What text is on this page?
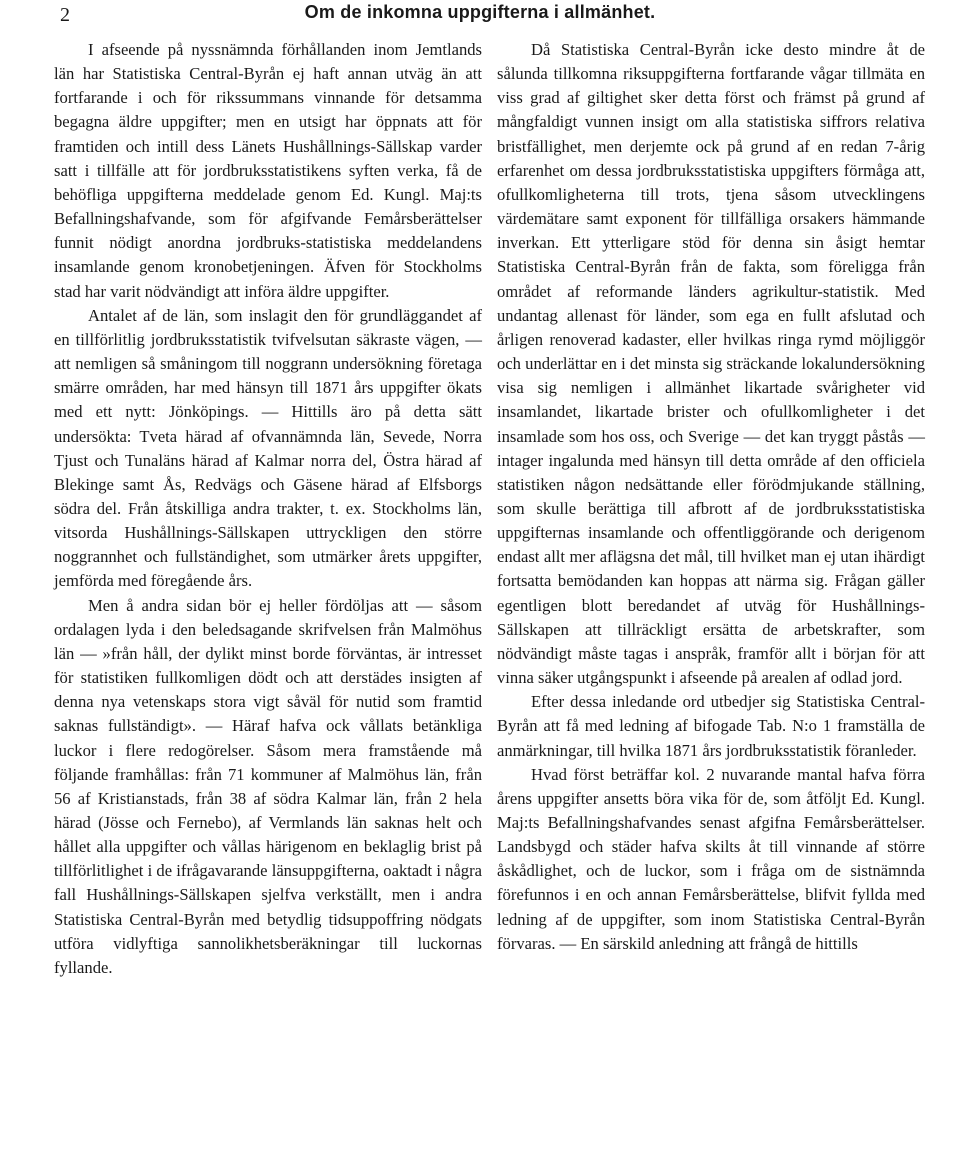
2	Om de inkomna uppgifterna i allmänhet.

I afseende på nyssnämnda förhållanden inom Jemtlands län har Statistiska Central-Byrån ej haft annan utväg än att fortfarande i och för rikssummans vinnande för detsamma begagna äldre uppgifter; men en utsigt har öppnats att för framtiden och intill dess Länets Hushållnings-Sällskap varder satt i tillfälle att för jordbruksstatistikens syften verka, få de behöfliga uppgifterna meddelade genom Ed. Kungl. Maj:ts Befallningshafvande, som för afgifvande Femårsberättelser funnit nödigt anordna jordbruks-statistiska meddelandens insamlande genom kronobetjeningen. Äfven för Stockholms stad har varit nödvändigt att införa äldre uppgifter.

Antalet af de län, som inslagit den för grundläggandet af en tillförlitlig jordbruksstatistik tvifvelsutan säkraste vägen, — att nemligen så småningom till noggrann undersökning företaga smärre områden, har med hänsyn till 1871 års uppgifter ökats med ett nytt: Jönköpings. — Hittills äro på detta sätt undersökta: Tveta härad af ofvannämnda län, Sevede, Norra Tjust och Tunaläns härad af Kalmar norra del, Östra härad af Blekinge samt Ås, Redvägs och Gäsene härad af Elfsborgs södra del. Från åtskilliga andra trakter, t. ex. Stockholms län, vitsorda Hushållnings-Sällskapen uttryckligen den större noggrannhet och fullständighet, som utmärker årets uppgifter, jemförda med föregående års.

Men å andra sidan bör ej heller fördöljas att — såsom ordalagen lyda i den beledsagande skrifvelsen från Malmöhus län — »från håll, der dylikt minst borde förväntas, är intresset för statistiken fullkomligen dödt och att derstädes insigten af denna nya vetenskaps stora vigt såväl för nutid som framtid saknas fullständigt». — Häraf hafva ock vållats betänkliga luckor i flere redogörelser. Såsom mera framstående må följande framhållas: från 71 kommuner af Malmöhus län, från 56 af Kristianstads, från 38 af södra Kalmar län, från 2 hela härad (Jösse och Fernebo), af Vermlands län saknas helt och hållet alla uppgifter och vållas härigenom en beklaglig brist på tillförlitlighet i de ifrågavarande länsuppgifterna, oaktadt i några fall Hushållnings-Sällskapen sjelfva verkställt, men i andra Statistiska Central-Byrån med betydlig tidsuppoffring nödgats utföra vidlyftiga sannolikhetsberäkningar till luckornas fyllande.

Då Statistiska Central-Byrån icke desto mindre åt de sålunda tillkomna riksuppgifterna fortfarande vågar tillmäta en viss grad af giltighet sker detta först och främst på grund af mångfaldigt vunnen insigt om alla statistiska siffrors relativa bristfällighet, men derjemte ock på grund af en redan 7-årig erfarenhet om dessa jordbruksstatistiska uppgifters förmåga att, ofullkomligheterna till trots, tjena såsom utvecklingens värdemätare samt exponent för tillfälliga orsakers hämmande inverkan. Ett ytterligare stöd för denna sin åsigt hemtar Statistiska Central-Byrån från de fakta, som föreligga från området af reformande länders agrikultur-statistik. Med undantag allenast för länder, som ega en fullt afslutad och årligen renoverad kadaster, eller hvilkas ringa rymd möjliggör och underlättar en i det minsta sig sträckande lokalundersökning visa sig nemligen i allmänhet likartade svårigheter vid insamlandet, likartade brister och ofullkomligheter i det insamlade som hos oss, och Sverige — det kan tryggt påstås — intager ingalunda med hänsyn till detta område af den officiela statistiken någon nedsättande eller förödmjukande ställning, som skulle berättiga till afbrott af de jordbruksstatistiska uppgifternas insamlande och offentliggörande och derigenom endast allt mer aflägsna det mål, till hvilket man ej utan ihärdigt fortsatta bemödanden kan hoppas att närma sig. Frågan gäller egentligen blott beredandet af utväg för Hushållnings-Sällskapen att tillräckligt ersätta de arbetskrafter, som nödvändigt måste tagas i anspråk, framför allt i början för att vinna säker utgångspunkt i afseende på arealen af odlad jord.

Efter dessa inledande ord utbedjer sig Statistiska Central-Byrån att få med ledning af bifogade Tab. N:o 1 framställa de anmärkningar, till hvilka 1871 års jordbruksstatistik föranleder.

Hvad först beträffar kol. 2 nuvarande mantal hafva förra årens uppgifter ansetts böra vika för de, som åtföljt Ed. Kungl. Maj:ts Befallningshafvandes senast afgifna Femårsberättelser. Landsbygd och städer hafva skilts åt till vinnande af större åskådlighet, och de luckor, som i fråga om de sistnämnda förefunnos i en och annan Femårsberättelse, blifvit fyllda med ledning af de uppgifter, som inom Statistiska Central-Byrån förvaras. — En särskild anledning att frångå de hittills
